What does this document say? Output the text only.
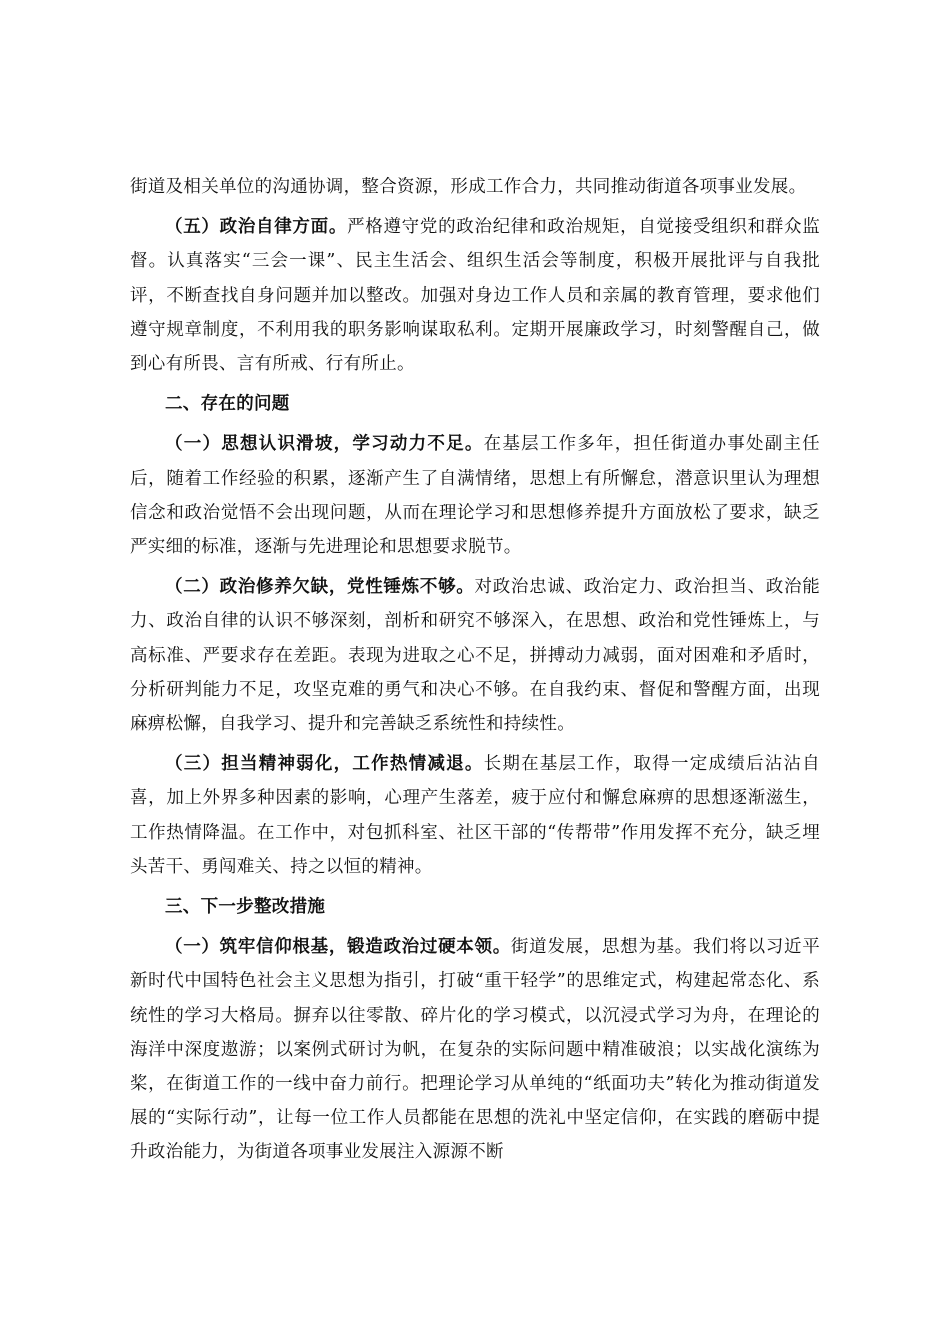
街道及相关单位的沟通协调，整合资源，形成工作合力，共同推动街道各项事业发展。

（五）政治自律方面。严格遵守党的政治纪律和政治规矩，自觉接受组织和群众监督。认真落实“三会一课”、民主生活会、组织生活会等制度，积极开展批评与自我批评，不断查找自身问题并加以整改。加强对身边工作人员和亲属的教育管理，要求他们遵守规章制度，不利用我的职务影响谋取私利。定期开展廉政学习，时刻警醒自己，做到心有所畏、言有所戒、行有所止。

二、存在的问题

（一）思想认识滑坡，学习动力不足。在基层工作多年，担任街道办事处副主任后，随着工作经验的积累，逐渐产生了自满情绪，思想上有所懈怠，潜意识里认为理想信念和政治觉悟不会出现问题，从而在理论学习和思想修养提升方面放松了要求，缺乏严实细的标准，逐渐与先进理论和思想要求脱节。

（二）政治修养欠缺，党性锤炼不够。对政治忠诚、政治定力、政治担当、政治能力、政治自律的认识不够深刻，剖析和研究不够深入，在思想、政治和党性锤炼上，与高标准、严要求存在差距。表现为进取之心不足，拼搏动力减弱，面对困难和矛盾时，分析研判能力不足，攻坚克难的勇气和决心不够。在自我约束、督促和警醒方面，出现麻痹松懈，自我学习、提升和完善缺乏系统性和持续性。

（三）担当精神弱化，工作热情减退。长期在基层工作，取得一定成绩后沾沾自喜，加上外界多种因素的影响，心理产生落差，疲于应付和懈怠麻痹的思想逐渐滋生，工作热情降温。在工作中，对包抓科室、社区干部的“传帮带”作用发挥不充分，缺乏埋头苦干、勇闯难关、持之以恒的精神。

三、下一步整改措施

（一）筑牢信仰根基，锻造政治过硬本领。街道发展，思想为基。我们将以习近平新时代中国特色社会主义思想为指引，打破“重干轻学”的思维定式，构建起常态化、系统性的学习大格局。摒弃以往零散、碎片化的学习模式，以沉浸式学习为舟，在理论的海洋中深度遨游；以案例式研讨为帆，在复杂的实际问题中精准破浪；以实战化演练为桨，在街道工作的一线中奋力前行。把理论学习从单纯的“纸面功夫”转化为推动街道发展的“实际行动”，让每一位工作人员都能在思想的洗礼中坚定信仰，在实践的磨砺中提升政治能力，为街道各项事业发展注入源源不断
